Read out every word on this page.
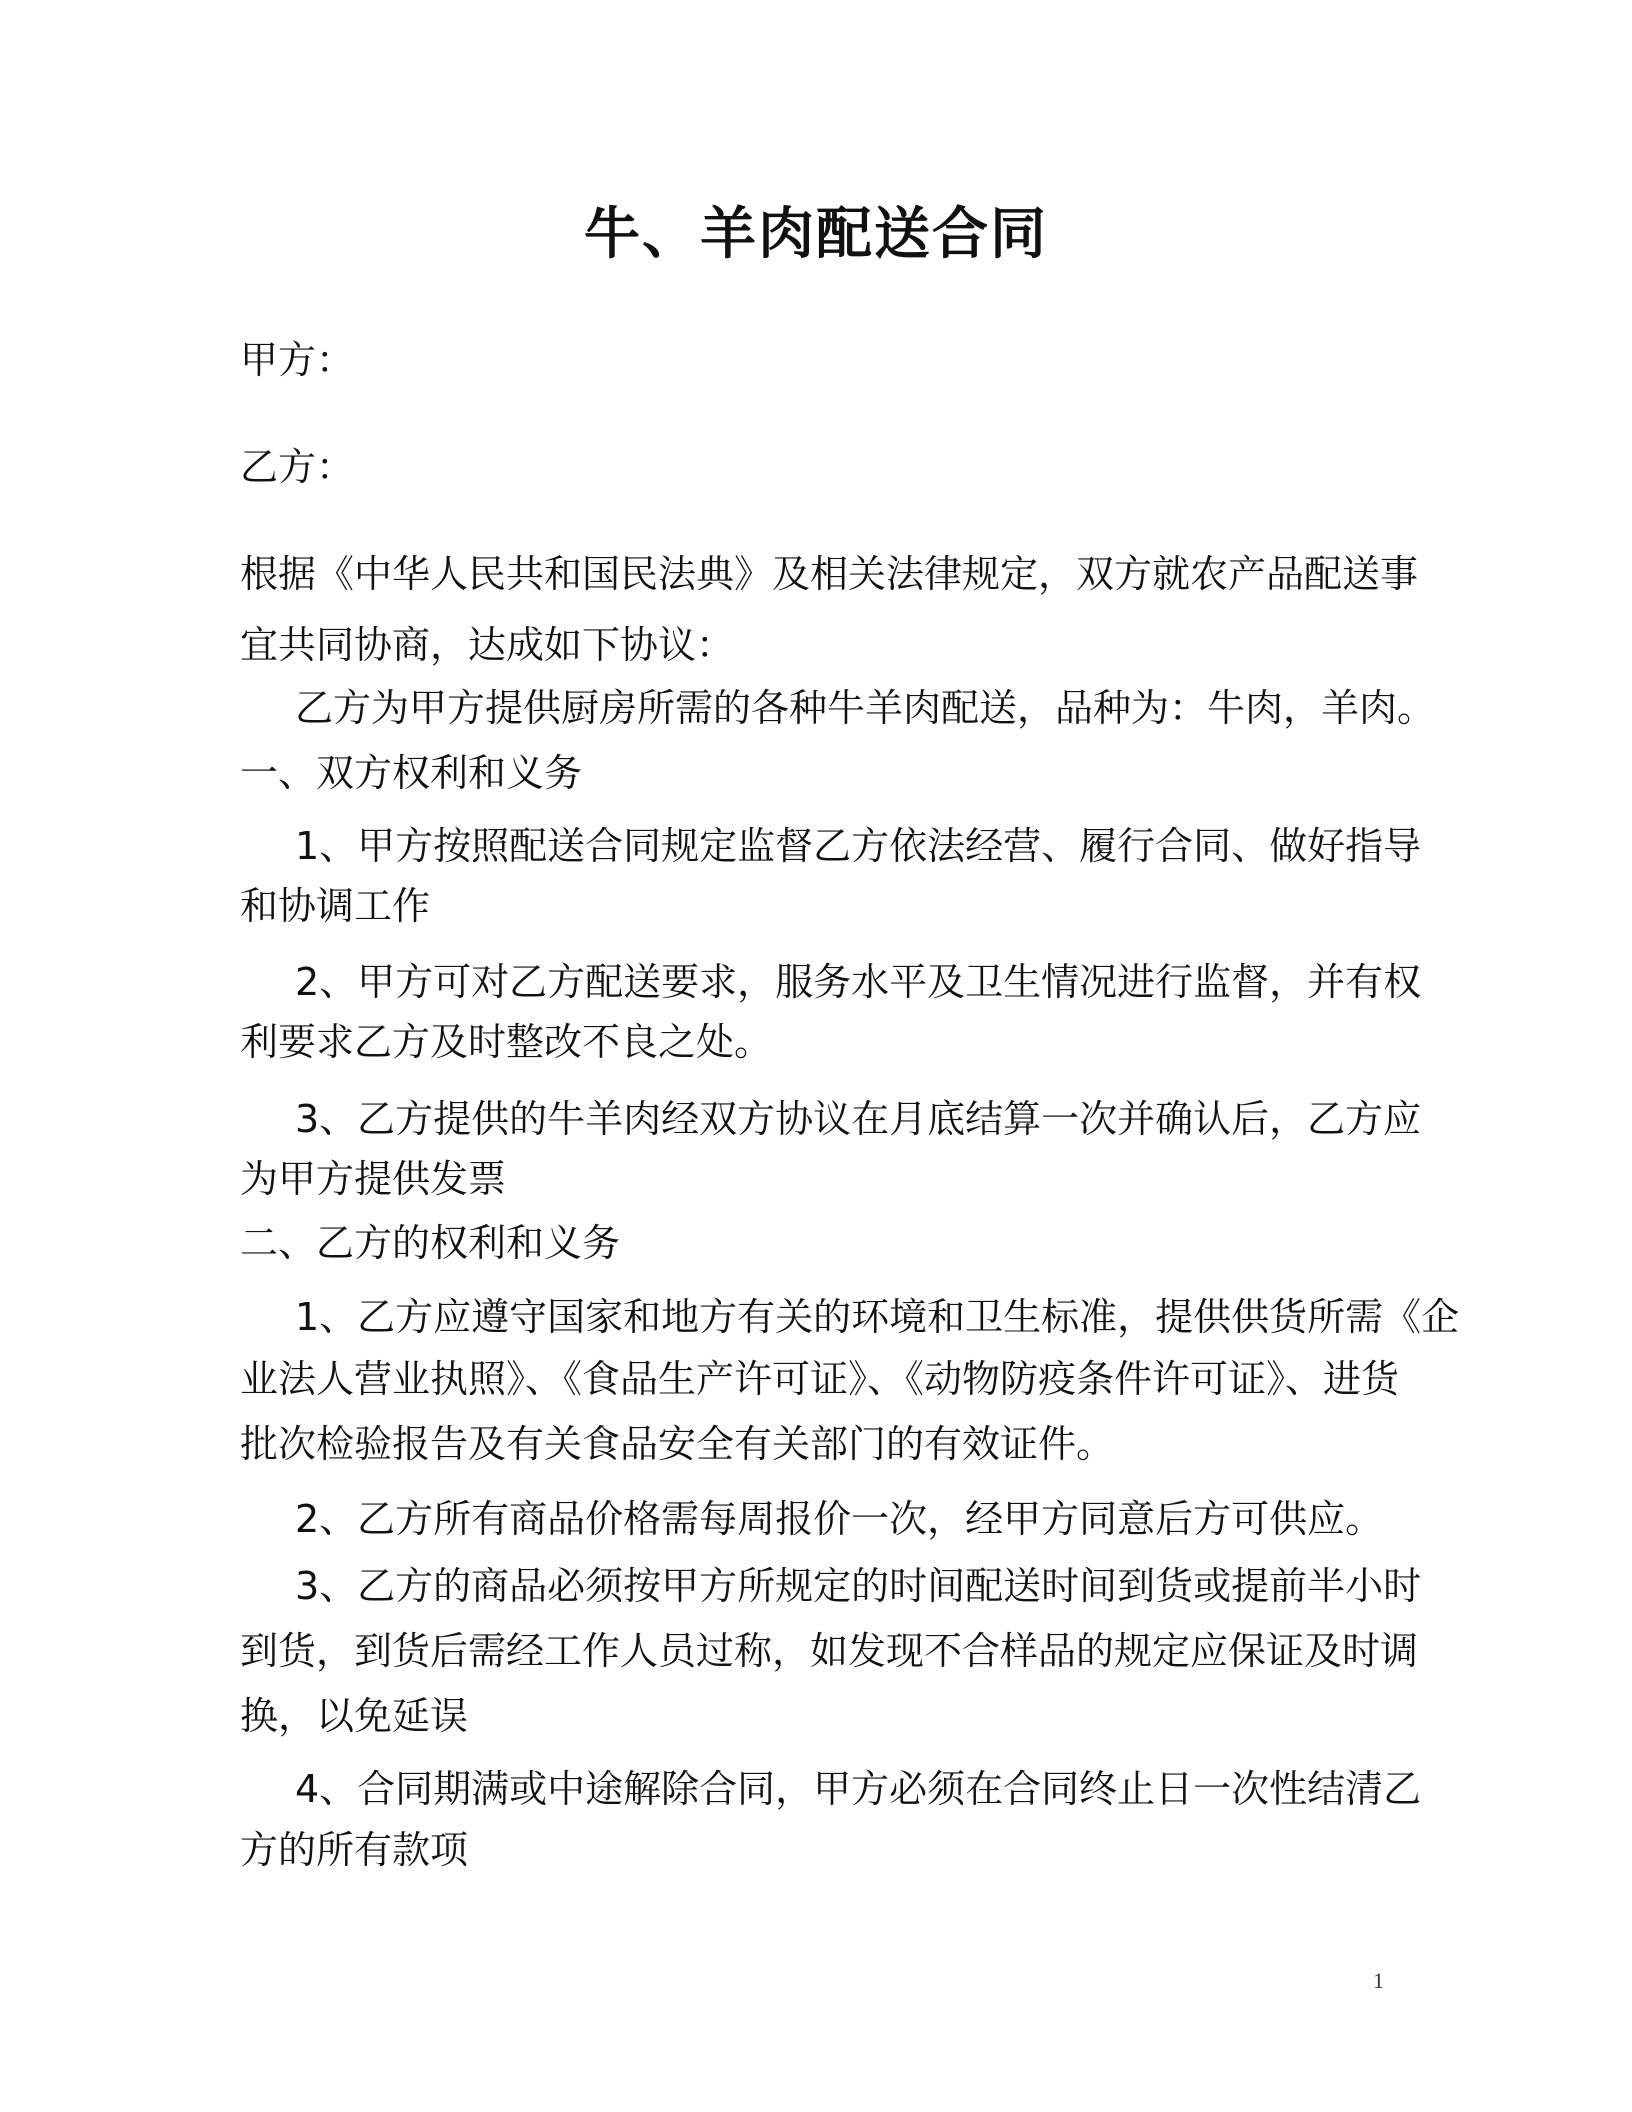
牛、羊肉配送合同
甲方：
乙方：
根据《中华人民共和国民法典》及相关法律规定，双方就农产品配送事
宜共同协商，达成如下协议：
乙方为甲方提供厨房所需的各种牛羊肉配送，品种为：牛肉，羊肉。
一、双方权利和义务
1、甲方按照配送合同规定监督乙方依法经营、履行合同、做好指导
和协调工作
2、甲方可对乙方配送要求，服务水平及卫生情况进行监督，并有权
利要求乙方及时整改不良之处。
3、乙方提供的牛羊肉经双方协议在月底结算一次并确认后，乙方应
为甲方提供发票
二、乙方的权利和义务
1、乙方应遵守国家和地方有关的环境和卫生标准，提供供货所需《企
业法人营业执照》、《食品生产许可证》、《动物防疫条件许可证》、进货
批次检验报告及有关食品安全有关部门的有效证件。
2、乙方所有商品价格需每周报价一次，经甲方同意后方可供应。
3、乙方的商品必须按甲方所规定的时间配送时间到货或提前半小时
到货，到货后需经工作人员过称，如发现不合样品的规定应保证及时调
换，以免延误
4、合同期满或中途解除合同，甲方必须在合同终止日一次性结清乙
方的所有款项
1
